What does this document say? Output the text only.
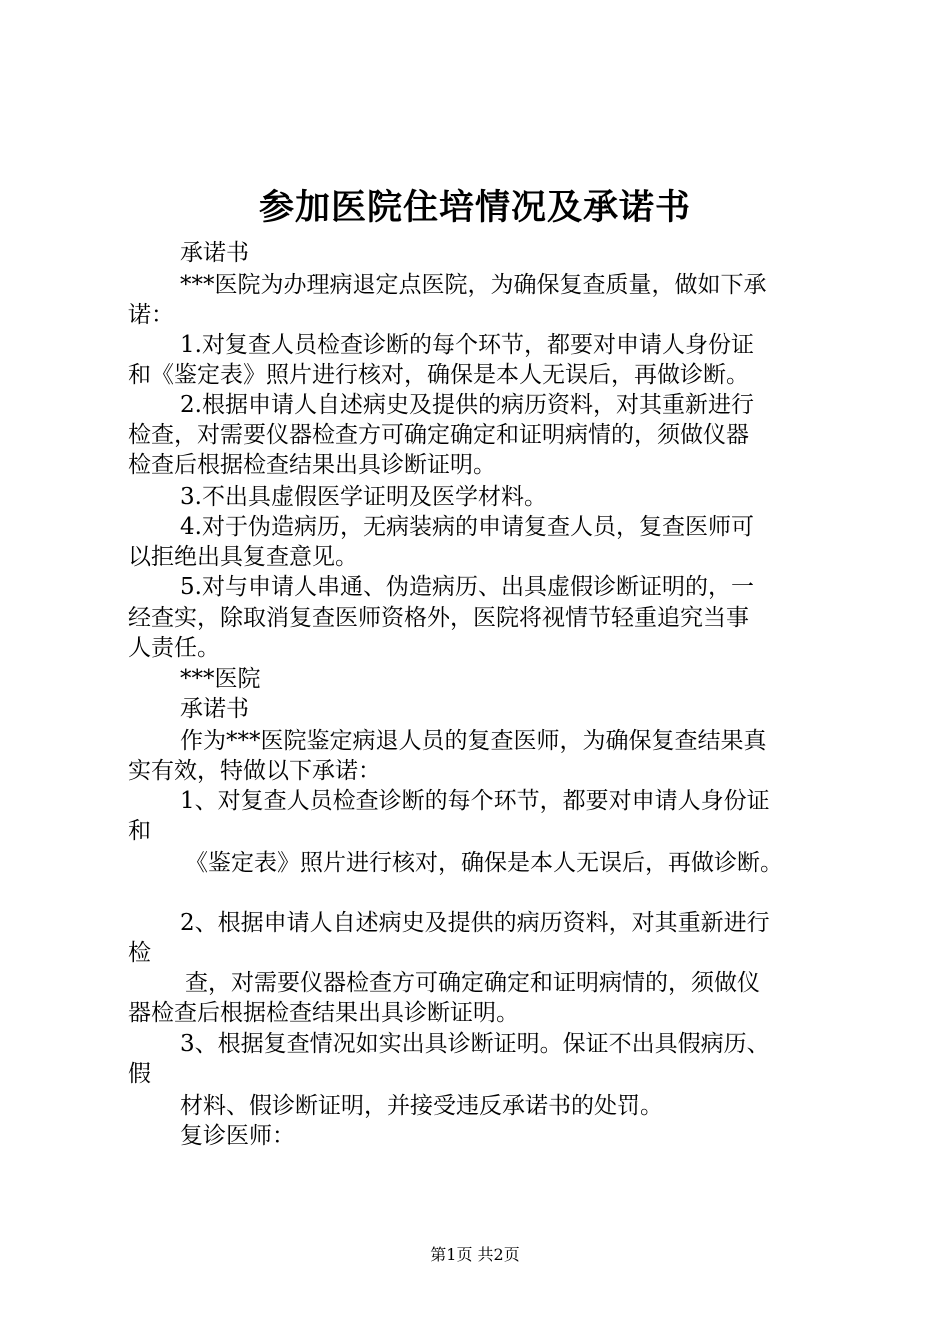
参加医院住培情况及承诺书
承诺书
***医院为办理病退定点医院，为确保复查质量，做如下承
诺：
1.对复查人员检查诊断的每个环节，都要对申请人身份证
和《鉴定表》照片进行核对，确保是本人无误后，再做诊断。
2.根据申请人自述病史及提供的病历资料，对其重新进行
检查，对需要仪器检查方可确定确定和证明病情的，须做仪器
检查后根据检查结果出具诊断证明。
3.不出具虚假医学证明及医学材料。
4.对于伪造病历，无病装病的申请复查人员，复查医师可
以拒绝出具复查意见。
5.对与申请人串通、伪造病历、出具虚假诊断证明的，一
经查实，除取消复查医师资格外，医院将视情节轻重追究当事
人责任。
***医院
承诺书
作为***医院鉴定病退人员的复查医师，为确保复查结果真
实有效，特做以下承诺：
1、对复查人员检查诊断的每个环节，都要对申请人身份证
和
《鉴定表》照片进行核对，确保是本人无误后，再做诊断。
2、根据申请人自述病史及提供的病历资料，对其重新进行
检
查，对需要仪器检查方可确定确定和证明病情的，须做仪
器检查后根据检查结果出具诊断证明。
3、根据复查情况如实出具诊断证明。保证不出具假病历、
假
材料、假诊断证明，并接受违反承诺书的处罚。
复诊医师：
第1页 共2页
